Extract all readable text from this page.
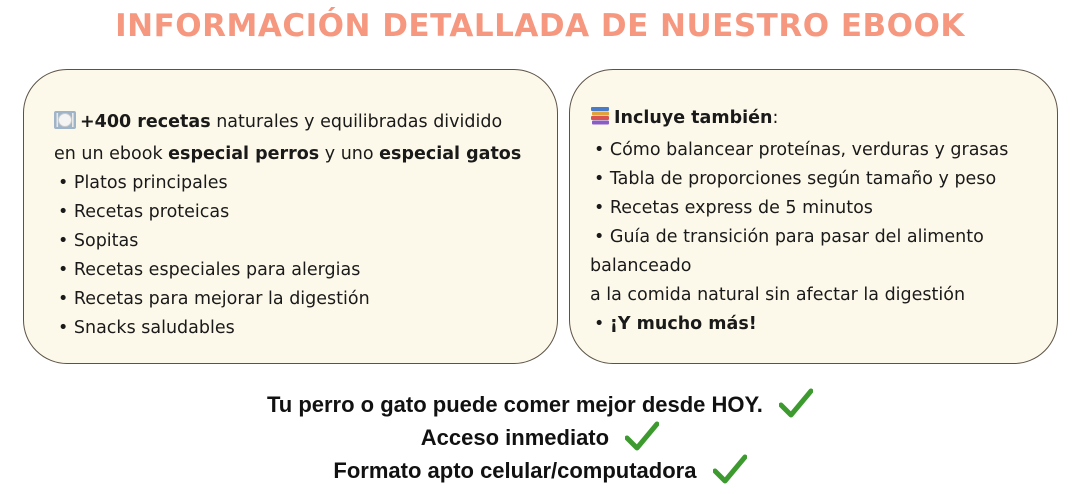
INFORMACIÓN DETALLADA DE NUESTRO EBOOK
+400 recetas naturales y equilibradas dividido
en un ebook especial perros y uno especial gatos
• Platos principales
• Recetas proteicas
• Sopitas
• Recetas especiales para alergias
• Recetas para mejorar la digestión
• Snacks saludables
Incluye también:
• Cómo balancear proteínas, verduras y grasas
• Tabla de proporciones según tamaño y peso
• Recetas express de 5 minutos
• Guía de transición para pasar del alimento
balanceado
a la comida natural sin afectar la digestión
• ¡Y mucho más!
Tu perro o gato puede comer mejor desde HOY.
Acceso inmediato
Formato apto celular/computadora
